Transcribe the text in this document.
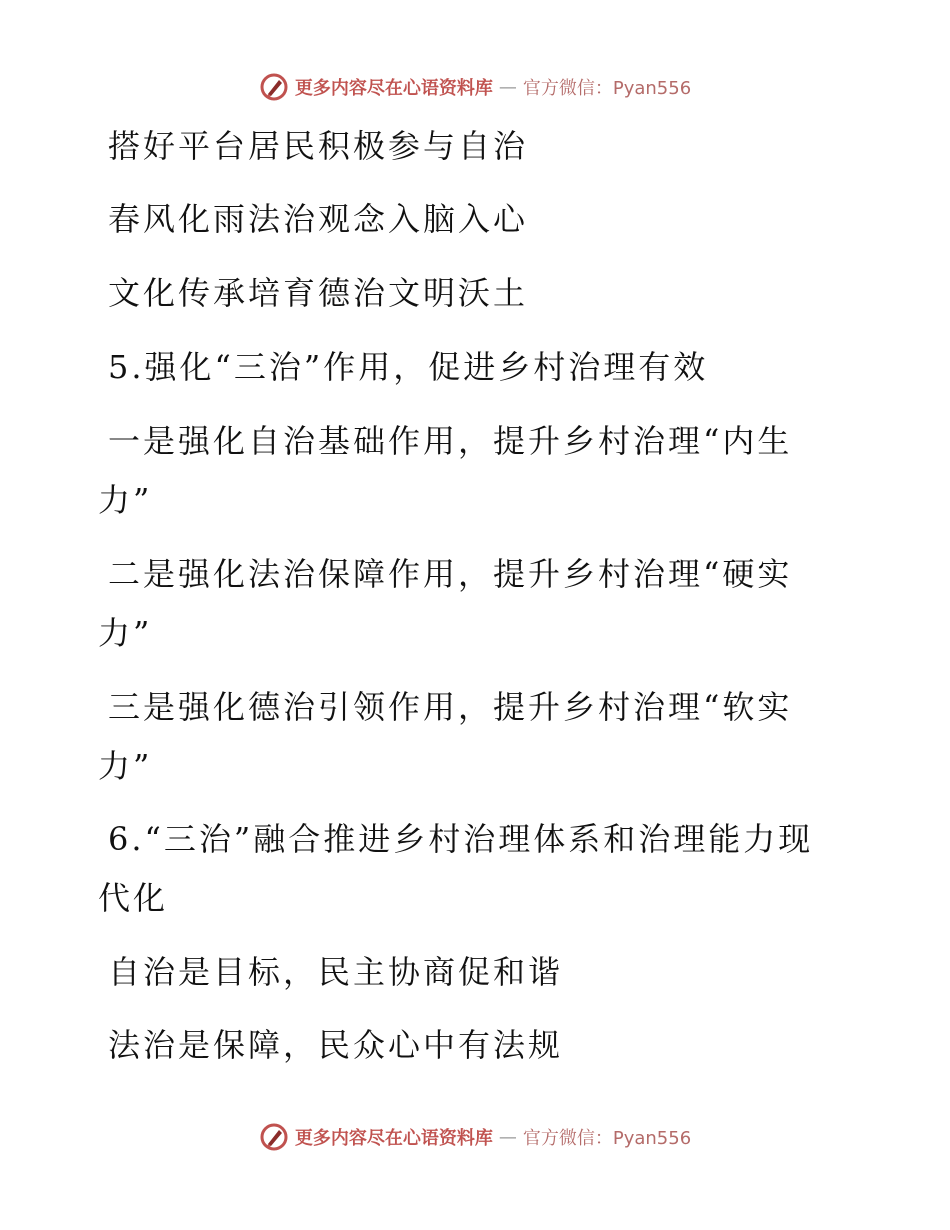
更多内容尽在心语资料库 — 官方微信：Pyan556
搭好平台居民积极参与自治
春风化雨法治观念入脑入心
文化传承培育德治文明沃土
5.强化“三治”作用，促进乡村治理有效
一是强化自治基础作用，提升乡村治理“内生
力”
二是强化法治保障作用，提升乡村治理“硬实
力”
三是强化德治引领作用，提升乡村治理“软实
力”
6.“三治”融合推进乡村治理体系和治理能力现
代化
自治是目标，民主协商促和谐
法治是保障，民众心中有法规
更多内容尽在心语资料库 — 官方微信：Pyan556
